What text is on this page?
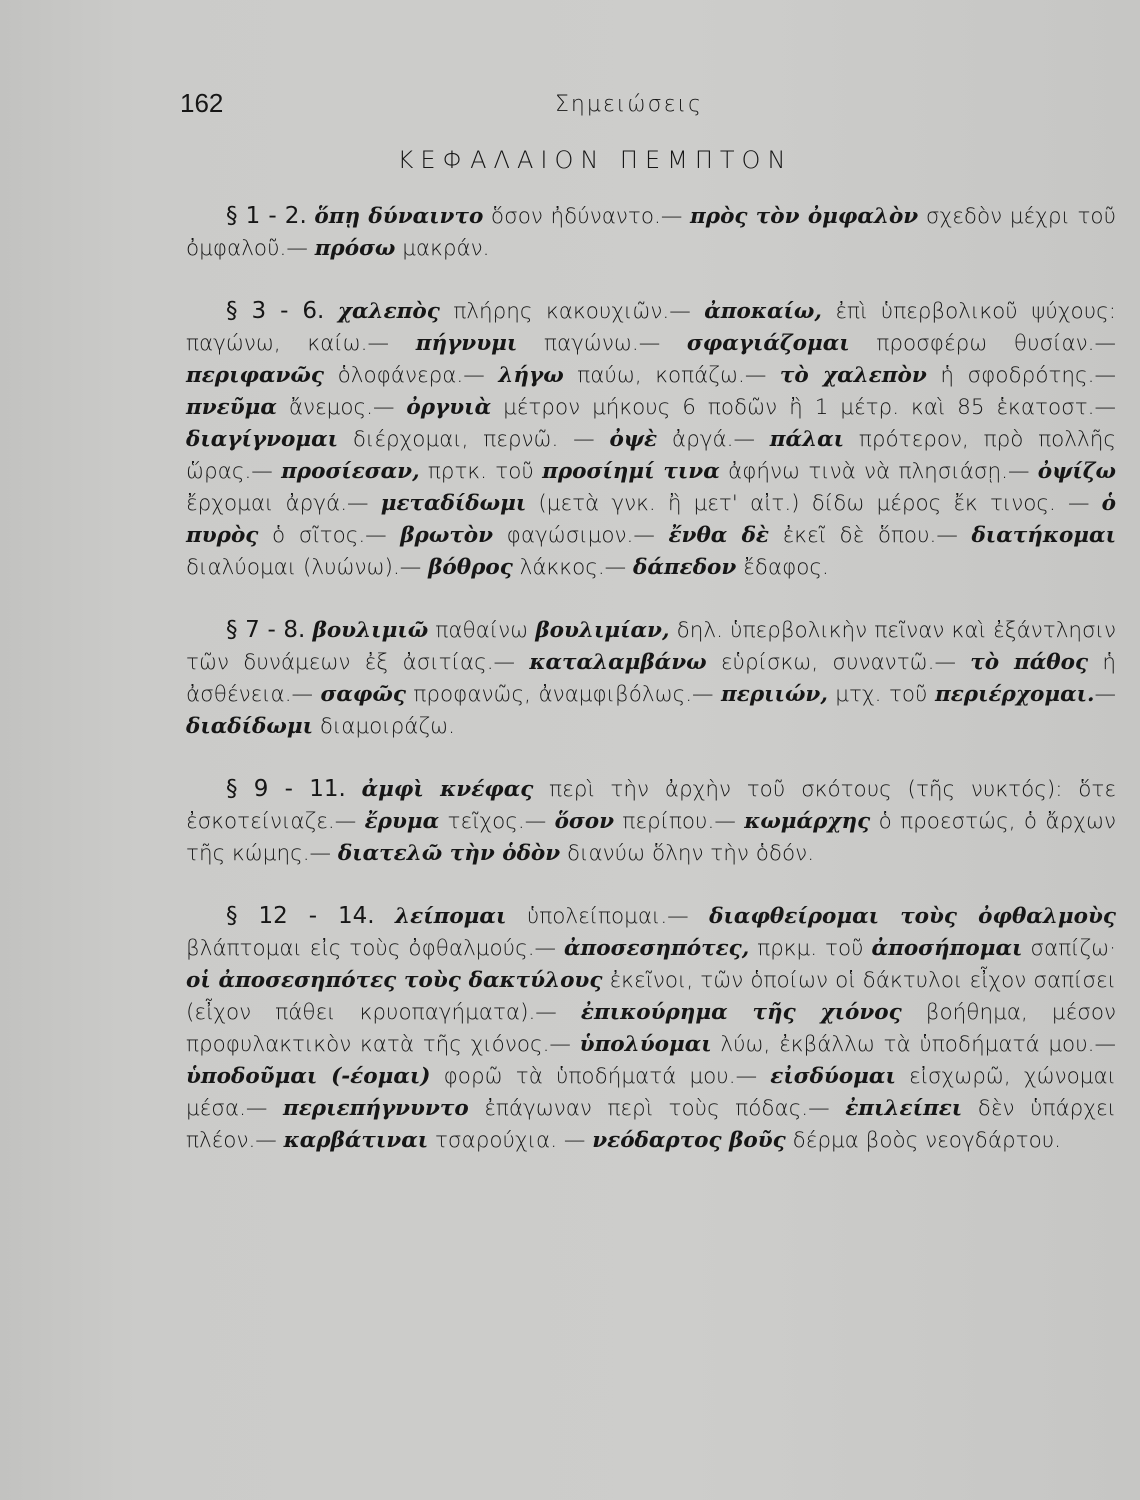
162	Σημειώσεις
ΚΕΦΑΛΑΙΟΝ ΠΕΜΠΤΟΝ

§ 1 - 2. ὅπῃ δύναιντο ὅσον ἠδύναντο.— πρὸς τὸν ὀμφαλὸν σχεδὸν μέχρι τοῦ ὀμφαλοῦ.— πρόσω μακράν.

§ 3 - 6. χαλεπὸς πλήρης κακουχιῶν.— ἀποκαίω, ἐπὶ ὑπερβολικοῦ ψύχους: παγώνω, καίω.— πήγνυμι παγώνω.— σφαγιάζομαι προσφέρω θυσίαν.— περιφανῶς ὁλοφάνερα.— λήγω παύω, κοπάζω.— τὸ χαλεπὸν ἡ σφοδρότης.— πνεῦμα ἄνεμος.— ὀργυιὰ μέτρον μήκους 6 ποδῶν ἢ 1 μέτρ. καὶ 85 ἑκατοστ.— διαγίγνομαι διέρχομαι, περνῶ. — ὀψὲ ἀργά.— πάλαι πρότερον, πρὸ πολλῆς ὥρας.— προσίεσαν, πρτκ. τοῦ προσίημί τινα ἀφήνω τινὰ νὰ πλησιάσῃ.— ὀψίζω ἔρχομαι ἀργά.— μεταδίδωμι (μετὰ γνκ. ἢ μετ' αἰτ.) δίδω μέρος ἔκ τινος. — ὁ πυρὸς ὁ σῖτος.— βρωτὸν φαγώσιμον.— ἔνθα δὲ ἐκεῖ δὲ ὅπου.— διατήκομαι διαλύομαι (λυώνω).— βόθρος λάκκος.— δάπεδον ἔδαφος.

§ 7 - 8. βουλιμιῶ παθαίνω βουλιμίαν, δηλ. ὑπερβολικὴν πεῖναν καὶ ἐξάντλησιν τῶν δυνάμεων ἐξ ἀσιτίας.— καταλαμβάνω εὑρίσκω, συναντῶ.— τὸ πάθος ἡ ἀσθένεια.— σαφῶς προφανῶς, ἀναμφιβόλως.— περιιών, μτχ. τοῦ περιέρχομαι.— διαδίδωμι διαμοιράζω.

§ 9 - 11. ἀμφὶ κνέφας περὶ τὴν ἀρχὴν τοῦ σκότους (τῆς νυκτός): ὅτε ἐσκοτείνιαζε.— ἔρυμα τεῖχος.— ὅσον περίπου.— κωμάρχης ὁ προεστώς, ὁ ἄρχων τῆς κώμης.— διατελῶ τὴν ὁδὸν διανύω ὅλην τὴν ὁδόν.

§ 12 - 14. λείπομαι ὑπολείπομαι.— διαφθείρομαι τοὺς ὀφθαλμοὺς βλάπτομαι εἰς τοὺς ὀφθαλμούς.— ἀποσεσηπότες, πρκμ. τοῦ ἀποσήπομαι σαπίζω· οἱ ἀποσεσηπότες τοὺς δακτύλους ἐκεῖνοι, τῶν ὁποίων οἱ δάκτυλοι εἶχον σαπίσει (εἶχον πάθει κρυοπαγήματα).— ἐπικούρημα τῆς χιόνος βοήθημα, μέσον προφυλακτικὸν κατὰ τῆς χιόνος.— ὑπολύομαι λύω, ἐκβάλλω τὰ ὑποδήματά μου.— ὑποδοῦμαι (-έομαι) φορῶ τὰ ὑποδήματά μου.— εἰσδύομαι εἰσχωρῶ, χώνομαι μέσα.— περιεπήγνυντο ἐπάγωναν περὶ τοὺς πόδας.— ἐπιλείπει δὲν ὑπάρχει πλέον.— καρβάτιναι τσαρούχια. — νεόδαρτος βοῦς δέρμα βοὸς νεογδάρτου.
